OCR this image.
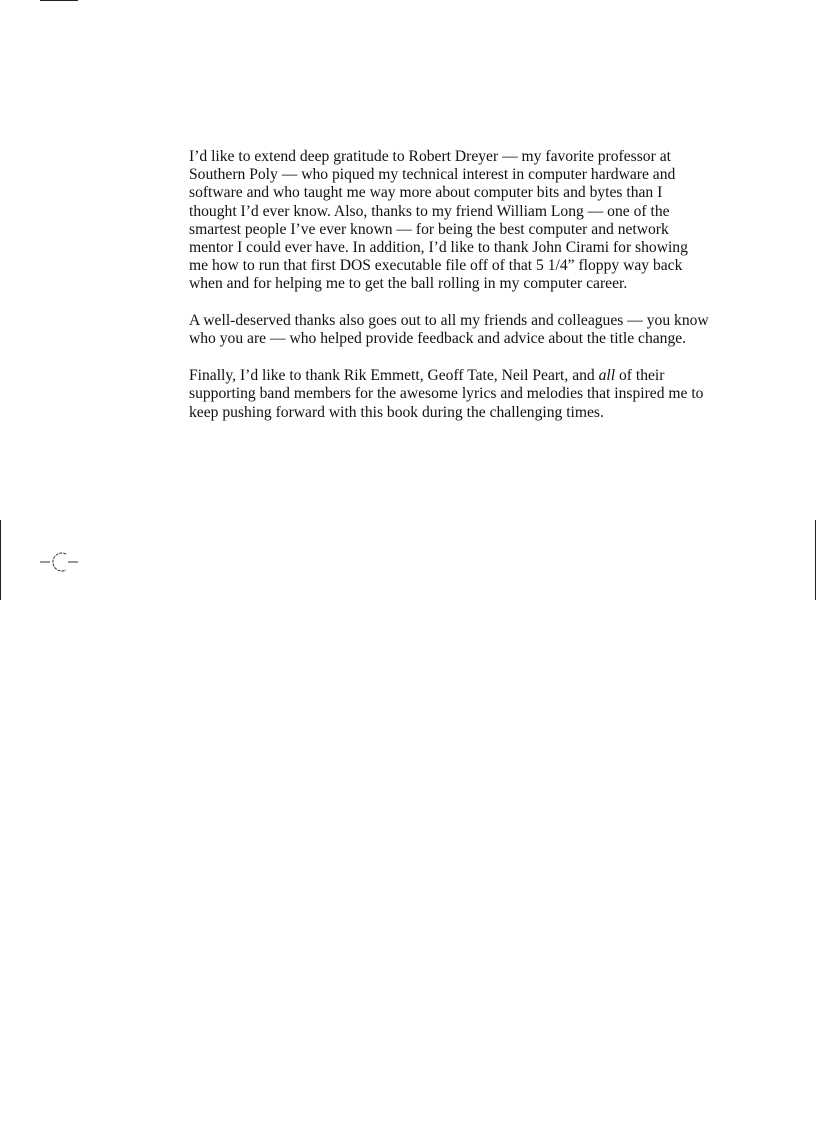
I’d like to extend deep gratitude to Robert Dreyer — my favorite professor at Southern Poly — who piqued my technical interest in computer hardware and software and who taught me way more about computer bits and bytes than I thought I’d ever know. Also, thanks to my friend William Long — one of the smartest people I’ve ever known — for being the best computer and network mentor I could ever have. In addition, I’d like to thank John Cirami for showing me how to run that first DOS executable file off of that 5 1/4” floppy way back when and for helping me to get the ball rolling in my computer career.

A well-deserved thanks also goes out to all my friends and colleagues — you know who you are — who helped provide feedback and advice about the title change.

Finally, I’d like to thank Rik Emmett, Geoff Tate, Neil Peart, and all of their supporting band members for the awesome lyrics and melodies that inspired me to keep pushing forward with this book during the challenging times.
